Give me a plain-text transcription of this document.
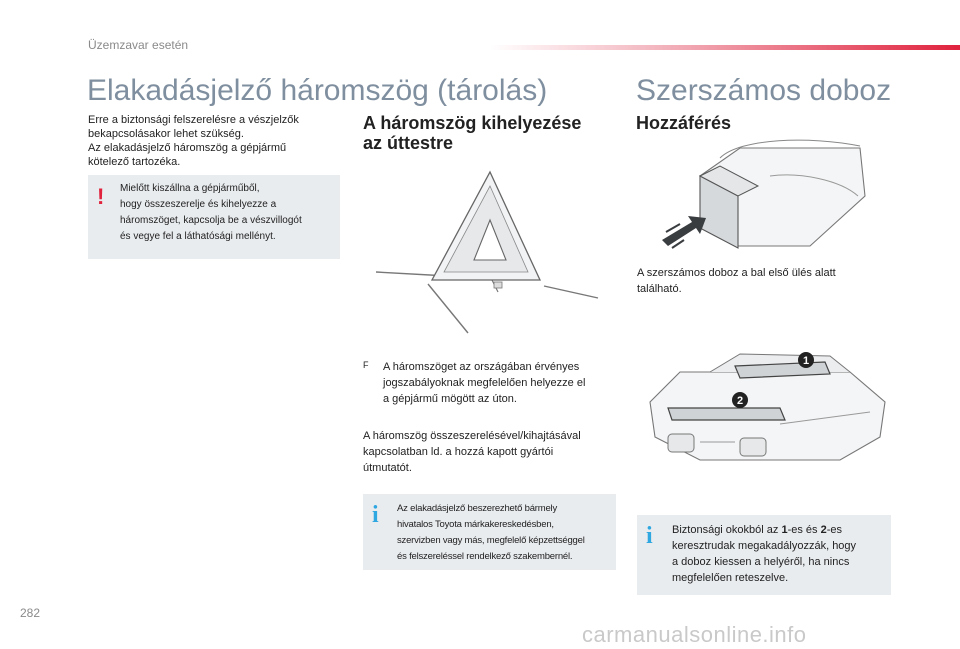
Üzemzavar esetén
Elakadásjelző háromszög (tárolás)
Erre a biztonsági felszerelésre a vészjelzők
bekapcsolásakor lehet szükség.
Az elakadásjelző háromszög a gépjármű
kötelező tartozéka.
! Mielőtt kiszállna a gépjárműből,
hogy összeszerelje és kihelyezze a
háromszöget, kapcsolja be a vészvillogót
és vegye fel a láthatósági mellényt.
A háromszög kihelyezése
az úttestre
F A háromszöget az országában érvényes
jogszabályoknak megfelelően helyezze el
a gépjármű mögött az úton.
A háromszög összeszerelésével/kihajtásával
kapcsolatban ld. a hozzá kapott gyártói
útmutatót.
i Az elakadásjelző beszerezhető bármely
hivatalos Toyota márkakereskedésben,
szervizben vagy más, megfelelő képzettséggel
és felszereléssel rendelkező szakembernél.
Szerszámos doboz
Hozzáférés
A szerszámos doboz a bal első ülés alatt
található.
1
2
i Biztonsági okokból az 1-es és 2-es
keresztrudak megakadályozzák, hogy
a doboz kiessen a helyéről, ha nincs
megfelelően reteszelve.
282
carmanualsonline.info
